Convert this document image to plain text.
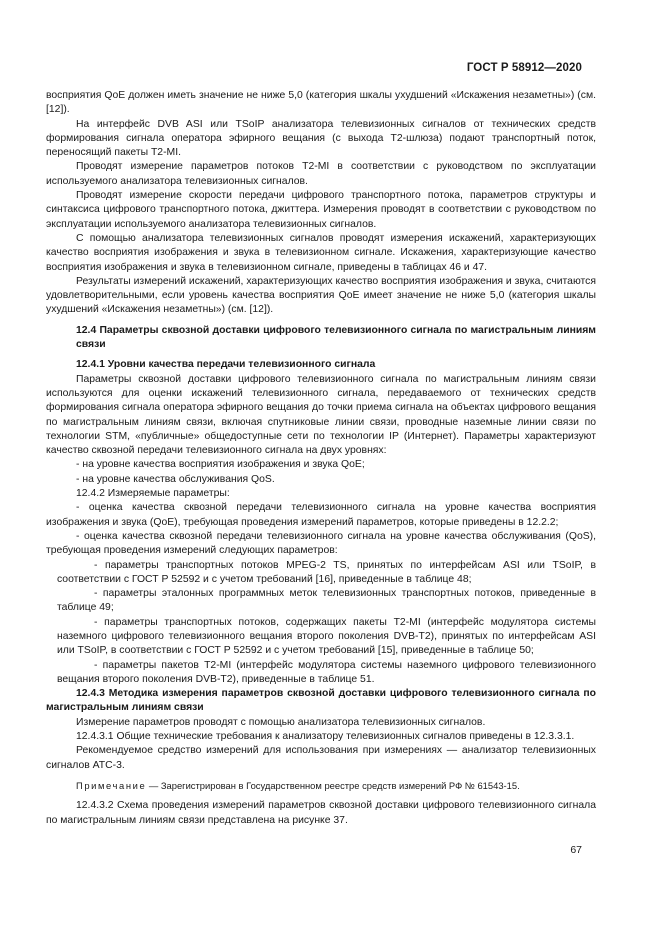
ГОСТ Р 58912—2020

восприятия QoE должен иметь значение не ниже 5,0 (категория шкалы ухудшений «Искажения незаметны») (см. [12]).

На интерфейс DVB ASI или TSoIP анализатора телевизионных сигналов от технических средств формирования сигнала оператора эфирного вещания (с выхода Т2-шлюза) подают транспортный поток, переносящий пакеты Т2-MI.

Проводят измерение параметров потоков Т2-MI в соответствии с руководством по эксплуатации используемого анализатора телевизионных сигналов.

Проводят измерение скорости передачи цифрового транспортного потока, параметров структуры и синтаксиса цифрового транспортного потока, джиттера. Измерения проводят в соответствии с руководством по эксплуатации используемого анализатора телевизионных сигналов.

С помощью анализатора телевизионных сигналов проводят измерения искажений, характеризующих качество восприятия изображения и звука в телевизионном сигнале. Искажения, характеризующие качество восприятия изображения и звука в телевизионном сигнале, приведены в таблицах 46 и 47.

Результаты измерений искажений, характеризующих качество восприятия изображения и звука, считаются удовлетворительными, если уровень качества восприятия QoE имеет значение не ниже 5,0 (категория шкалы ухудшений «Искажения незаметны») (см. [12]).

12.4 Параметры сквозной доставки цифрового телевизионного сигнала по магистральным линиям связи

12.4.1 Уровни качества передачи телевизионного сигнала

Параметры сквозной доставки цифрового телевизионного сигнала по магистральным линиям связи используются для оценки искажений телевизионного сигнала, передаваемого от технических средств формирования сигнала оператора эфирного вещания до точки приема сигнала на объектах цифрового вещания по магистральным линиям связи, включая спутниковые линии связи, проводные наземные линии связи по технологии STM, «публичные» общедоступные сети по технологии IP (Интернет). Параметры характеризуют качество сквозной передачи телевизионного сигнала на двух уровнях:

- на уровне качества восприятия изображения и звука QoE;

- на уровне качества обслуживания QoS.

12.4.2 Измеряемые параметры:

- оценка качества сквозной передачи телевизионного сигнала на уровне качества восприятия изображения и звука (QoE), требующая проведения измерений параметров, которые приведены в 12.2.2;

- оценка качества сквозной передачи телевизионного сигнала на уровне качества обслуживания (QoS), требующая проведения измерений следующих параметров:

- параметры транспортных потоков MPEG-2 TS, принятых по интерфейсам ASI или TSoIP, в соответствии с ГОСТ Р 52592 и с учетом требований [16], приведенные в таблице 48;

- параметры эталонных программных меток телевизионных транспортных потоков, приведенные в таблице 49;

- параметры транспортных потоков, содержащих пакеты Т2-MI (интерфейс модулятора системы наземного цифрового телевизионного вещания второго поколения DVB-T2), принятых по интерфейсам ASI или TSoIP, в соответствии с ГОСТ Р 52592 и с учетом требований [15], приведенные в таблице 50;

- параметры пакетов Т2-MI (интерфейс модулятора системы наземного цифрового телевизионного вещания второго поколения DVB-T2), приведенные в таблице 51.

12.4.3 Методика измерения параметров сквозной доставки цифрового телевизионного сигнала по магистральным линиям связи

Измерение параметров проводят с помощью анализатора телевизионных сигналов.

12.4.3.1 Общие технические требования к анализатору телевизионных сигналов приведены в 12.3.3.1.

Рекомендуемое средство измерений для использования при измерениях — анализатор телевизионных сигналов АТС-3.

Примечание — Зарегистрирован в Государственном реестре средств измерений РФ № 61543-15.

12.4.3.2 Схема проведения измерений параметров сквозной доставки цифрового телевизионного сигнала по магистральным линиям связи представлена на рисунке 37.

67
